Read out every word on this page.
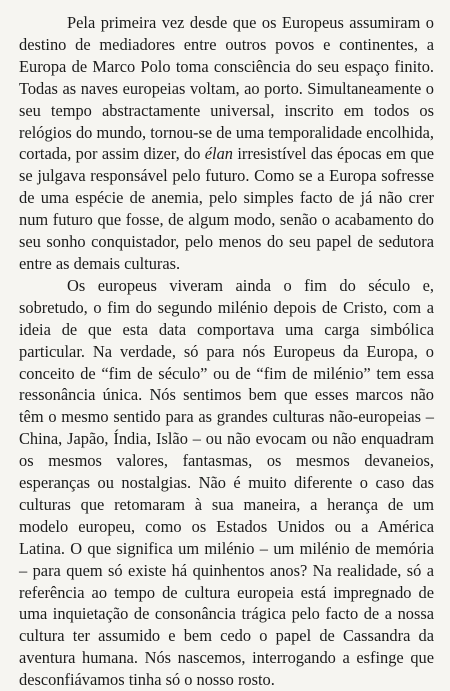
Pela primeira vez desde que os Europeus assumiram o destino de mediadores entre outros povos e continentes, a Europa de Marco Polo toma consciência do seu espaço finito. Todas as naves europeias voltam, ao porto. Simultaneamente o seu tempo abstractamente universal, inscrito em todos os relógios do mundo, tornou-se de uma temporalidade encolhida, cortada, por assim dizer, do élan irresistível das épocas em que se julgava responsável pelo futuro. Como se a Europa sofresse de uma espécie de anemia, pelo simples facto de já não crer num futuro que fosse, de algum modo, senão o acabamento do seu sonho conquistador, pelo menos do seu papel de sedutora entre as demais culturas.

Os europeus viveram ainda o fim do século e, sobretudo, o fim do segundo milénio depois de Cristo, com a ideia de que esta data comportava uma carga simbólica particular. Na verdade, só para nós Europeus da Europa, o conceito de “fim de século” ou de “fim de milénio” tem essa ressonância única. Nós sentimos bem que esses marcos não têm o mesmo sentido para as grandes culturas não-europeias – China, Japão, Índia, Islão – ou não evocam ou não enquadram os mesmos valores, fantasmas, os mesmos devaneios, esperanças ou nostalgias. Não é muito diferente o caso das culturas que retomaram à sua maneira, a herança de um modelo europeu, como os Estados Unidos ou a América Latina. O que significa um milénio – um milénio de memória – para quem só existe há quinhentos anos? Na realidade, só a referência ao tempo de cultura europeia está impregnado de uma inquietação de consonância trágica pelo facto de a nossa cultura ter assumido e bem cedo o papel de Cassandra da aventura humana. Nós nascemos, interrogando a esfinge que desconfiávamos tinha só o nosso rosto.
